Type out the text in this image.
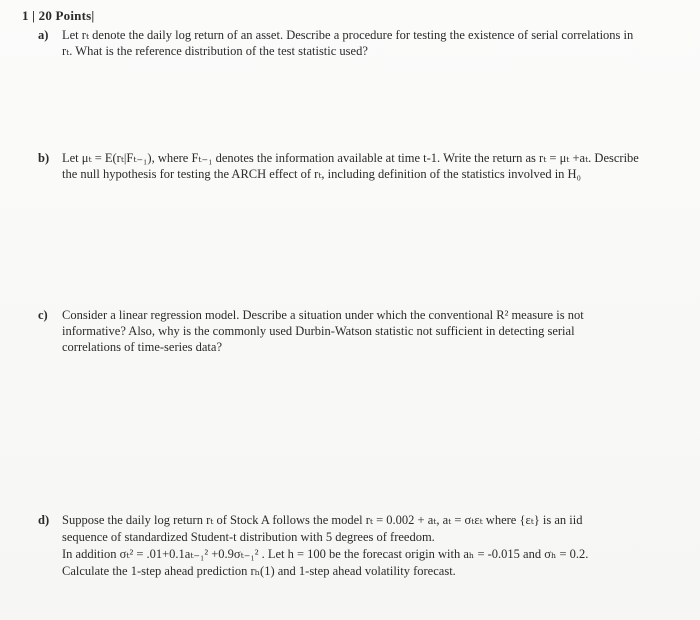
1 | 20 Points|
a) Let rₜ denote the daily log return of an asset. Describe a procedure for testing the existence of serial correlations in
rₜ. What is the reference distribution of the test statistic used?
b) Let μₜ = E(rₜ|Fₜ₋₁), where Fₜ₋₁ denotes the information available at time t-1. Write the return as rₜ = μₜ +aₜ. Describe
the null hypothesis for testing the ARCH effect of rₜ, including definition of the statistics involved in H₀
c) Consider a linear regression model. Describe a situation under which the conventional R² measure is not
informative? Also, why is the commonly used Durbin-Watson statistic not sufficient in detecting serial
correlations of time-series data?
d) Suppose the daily log return rₜ of Stock A follows the model rₜ = 0.002 + aₜ, aₜ = σₜεₜ where {εₜ} is an iid
sequence of standardized Student-t distribution with 5 degrees of freedom.
In addition σₜ² = .01+0.1aₜ₋₁² +0.9σₜ₋₁² . Let h = 100 be the forecast origin with aₕ = -0.015 and σₕ = 0.2.
Calculate the 1-step ahead prediction rₕ(1) and 1-step ahead volatility forecast.
